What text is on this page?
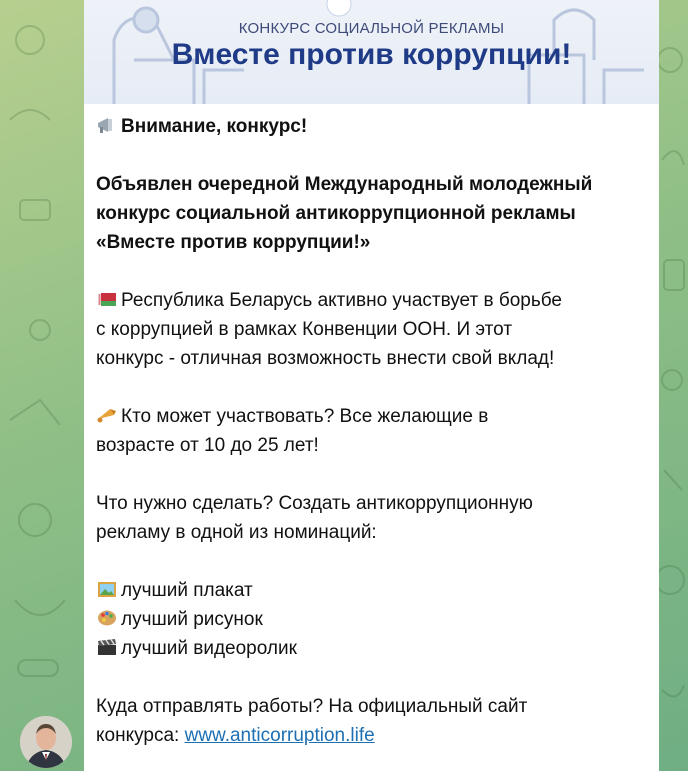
КОНКУРС СОЦИАЛЬНОЙ РЕКЛАМЫ
Вместе против коррупции!
Внимание, конкурс!
Объявлен очередной Международный молодежный
конкурс социальной антикоррупционной рекламы
«Вместе против коррупции!»
Республика Беларусь активно участвует в борьбе
с коррупцией в рамках Конвенции ООН. И этот
конкурс - отличная возможность внести свой вклад!
Кто может участвовать? Все желающие в
возрасте от 10 до 25 лет!
Что нужно сделать? Создать антикоррупционную
рекламу в одной из номинаций:
лучший плакат
лучший рисунок
лучший видеоролик
Куда отправлять работы? На официальный сайт
конкурса: www.anticorruption.life
